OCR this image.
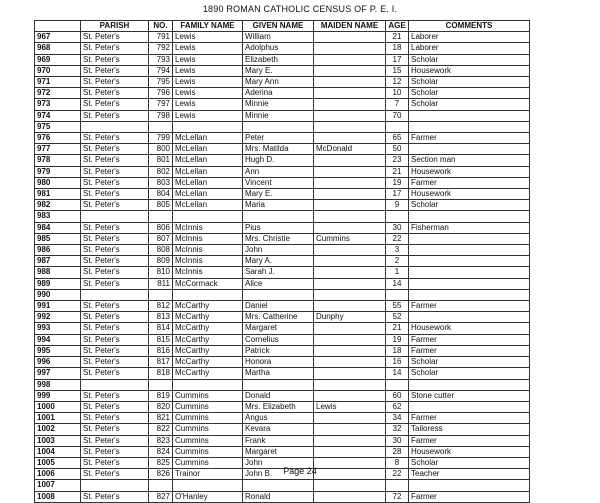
1890 ROMAN CATHOLIC CENSUS OF P. E. I.
	PARISH	NO.	FAMILY NAME	GIVEN NAME	MAIDEN NAME	AGE	COMMENTS
967	St. Peter's	791	Lewis	William		21	Laborer
968	St. Peter's	792	Lewis	Adolphus		18	Laborer
969	St. Peter's	793	Lewis	Elizabeth		17	Scholar
970	St. Peter's	794	Lewis	Mary E.		15	Housework
971	St. Peter's	795	Lewis	Mary Ann		12	Scholar
972	St. Peter's	796	Lewis	Aderina		10	Scholar
973	St. Peter's	797	Lewis	Minnie		7	Scholar
974	St. Peter's	798	Lewis	Minnie		70	
975							
976	St. Peter's	799	McLellan	Peter		65	Farmer
977	St. Peter's	800	McLellan	Mrs. Matilda	McDonald	50	
978	St. Peter's	801	McLellan	Hugh D.		23	Section man
979	St. Peter's	802	McLellan	Ann		21	Housework
980	St. Peter's	803	McLellan	Vincent		19	Farmer
981	St. Peter's	804	McLellan	Mary E.		17	Housework
982	St. Peter's	805	McLellan	Maria		9	Scholar
983							
984	St. Peter's	806	McInnis	Pius		30	Fisherman
985	St. Peter's	807	McInnis	Mrs. Christie	Cummins	22	
986	St. Peter's	808	McInnis	John		3	
987	St. Peter's	809	McInnis	Mary A.		2	
988	St. Peter's	810	McInnis	Sarah J.		1	
989	St. Peter's	811	McCormack	Alice		14	
990							
991	St. Peter's	812	McCarthy	Daniel		55	Farmer
992	St. Peter's	813	McCarthy	Mrs. Catherine	Dunphy	52	
993	St. Peter's	814	McCarthy	Margaret		21	Housework
994	St. Peter's	815	McCarthy	Cornelius		19	Farmer
995	St. Peter's	816	McCarthy	Patrick		18	Farmer
996	St. Peter's	817	McCarthy	Honora		16	Scholar
997	St. Peter's	818	McCarthy	Martha		14	Scholar
998							
999	St. Peter's	819	Cummins	Donald		60	Stone cutter
1000	St. Peter's	820	Cummins	Mrs. Elizabeth	Lewis	62	
1001	St. Peter's	821	Cummins	Angus		34	Farmer
1002	St. Peter's	822	Cummins	Kevara		32	Tailoress
1003	St. Peter's	823	Cummins	Frank		30	Farmer
1004	St. Peter's	824	Cummins	Margaret		28	Housework
1005	St. Peter's	825	Cummins	John		8	Scholar
1006	St. Peter's	826	Trainor	John B.		22	Teacher
1007							
1008	St. Peter's	827	O'Hanley	Ronald		72	Farmer
Page 24
